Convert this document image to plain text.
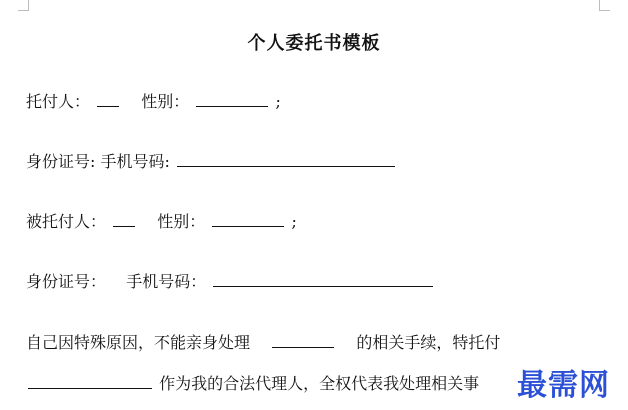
个人委托书模板
托付人：	性别：	;
身份证号: 手机号码:
被托付人：	性别：	;
身份证号： 手机号码：
自己因特殊原因，不能亲身处理	的相关手续，特托付
作为我的合法代理人，全权代表我处理相关事 最需网
